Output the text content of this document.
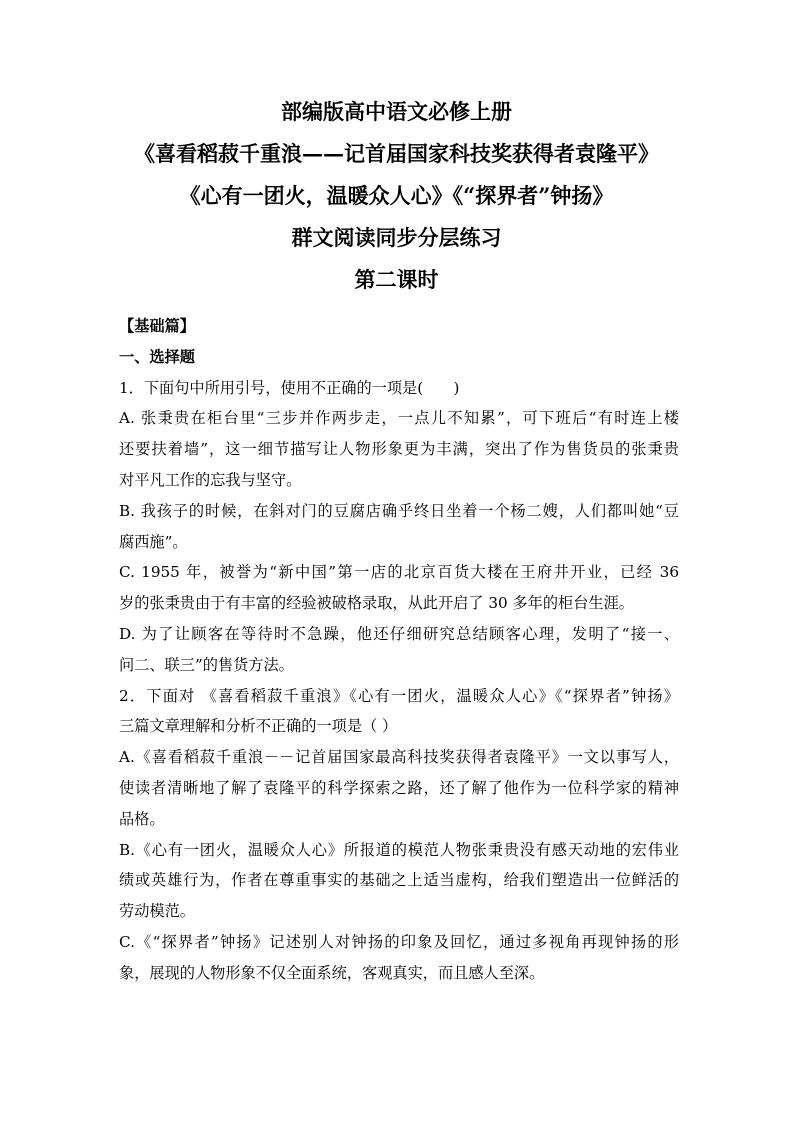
部编版高中语文必修上册
《喜看稻菽千重浪——记首届国家科技奖获得者袁隆平》
《心有一团火，温暖众人心》《“探界者”钟扬》
群文阅读同步分层练习
第二课时
【基础篇】
一、选择题
1．下面句中所用引号，使用不正确的一项是(　　)
A. 张秉贵在柜台里“三步并作两步走，一点儿不知累”，可下班后“有时连上楼
还要扶着墙”，这一细节描写让人物形象更为丰满，突出了作为售货员的张秉贵
对平凡工作的忘我与坚守。
B. 我孩子的时候，在斜对门的豆腐店确乎终日坐着一个杨二嫂，人们都叫她“豆
腐西施”。
C. 1955 年，被誉为“新中国”第一店的北京百货大楼在王府井开业，已经 36
岁的张秉贵由于有丰富的经验被破格录取，从此开启了 30 多年的柜台生涯。
D. 为了让顾客在等待时不急躁，他还仔细研究总结顾客心理，发明了“接一、
问二、联三”的售货方法。
2．下面对 《喜看稻菽千重浪》《心有一团火，温暖众人心》《“探界者”钟扬》
三篇文章理解和分析不正确的一项是（ ）
A.《喜看稻菽千重浪－－记首届国家最高科技奖获得者袁隆平》一文以事写人，
使读者清晰地了解了袁隆平的科学探索之路，还了解了他作为一位科学家的精神
品格。
B.《心有一团火，温暖众人心》所报道的模范人物张秉贵没有感天动地的宏伟业
绩或英雄行为，作者在尊重事实的基础之上适当虚构，给我们塑造出一位鲜活的
劳动模范。
C.《“探界者”钟扬》记述别人对钟扬的印象及回忆，通过多视角再现钟扬的形
象，展现的人物形象不仅全面系统，客观真实，而且感人至深。
